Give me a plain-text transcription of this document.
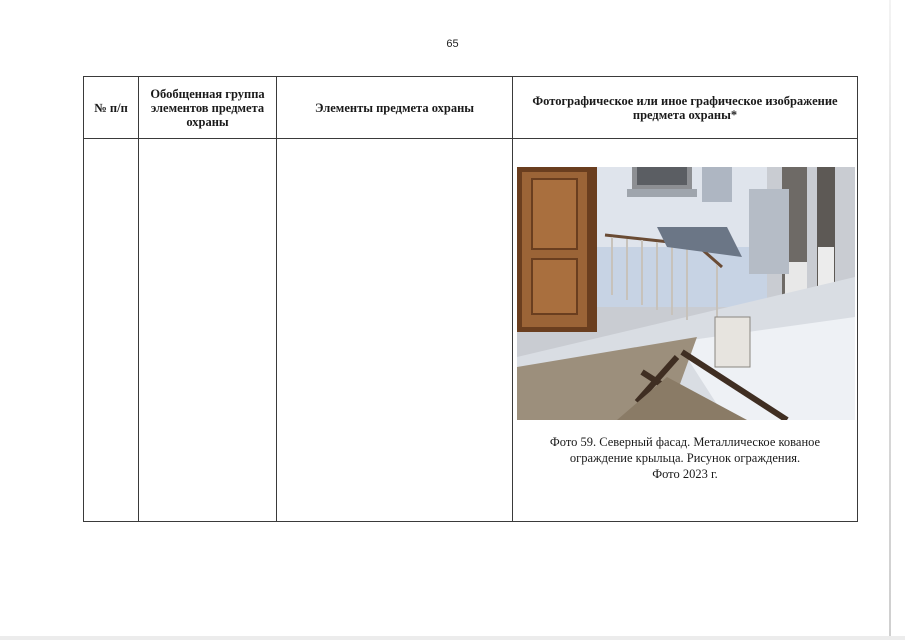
65
№ п/п
Обобщенная группа элементов предмета охраны
Элементы предмета охраны	Фотографическое или иное графическое изображение предмета охраны*
Фото 59. Северный фасад. Металлическое кованое
ограждение крыльца. Рисунок ограждения.
Фото 2023 г.
